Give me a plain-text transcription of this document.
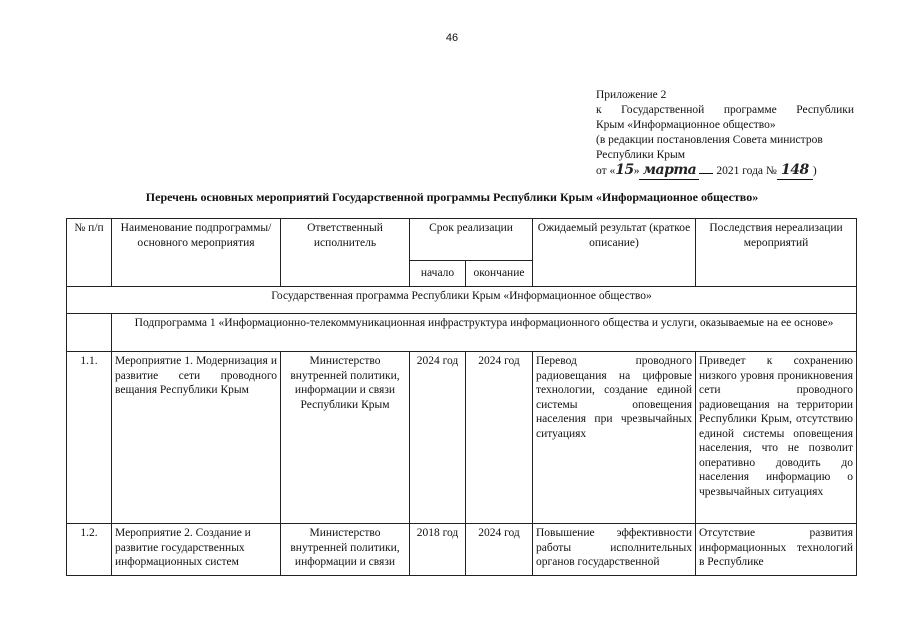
46
Приложение 2
к Государственной программе Республики
Крым «Информационное общество»
(в редакции постановления Совета министров
Республики Крым
от «15» марта 2021 года № 148 )
Перечень основных мероприятий Государственной программы Республики Крым «Информационное общество»
№ п/п	Наименование подпрограммы/основного мероприятия	Ответственный исполнитель	Срок реализации		Ожидаемый результат (краткое описание)	Последствия нереализации мероприятий
			начало	окончание		
Государственная программа Республики Крым «Информационное общество»						
	Подпрограмма 1 «Информационно-телекоммуникационная инфраструктура информационного общества и услуги, оказываемые на ее основе»					
1.1.	Мероприятие 1. Модернизация и развитие сети проводного вещания Республики Крым	Министерство внутренней политики, информации и связи Республики Крым	2024 год	2024 год	Перевод проводного радиовещания на цифровые технологии, создание единой системы оповещения населения при чрезвычайных ситуациях	Приведет к сохранению низкого уровня проникновения сети проводного радиовещания на территории Республики Крым, отсутствию единой системы оповещения населения, что не позволит оперативно доводить до населения информацию о чрезвычайных ситуациях
1.2.	Мероприятие 2. Создание и развитие государственных информационных систем	Министерство внутренней политики, информации и связи	2018 год	2024 год	Повышение эффективности работы исполнительных органов государственной	Отсутствие развития информационных технологий в Республике
